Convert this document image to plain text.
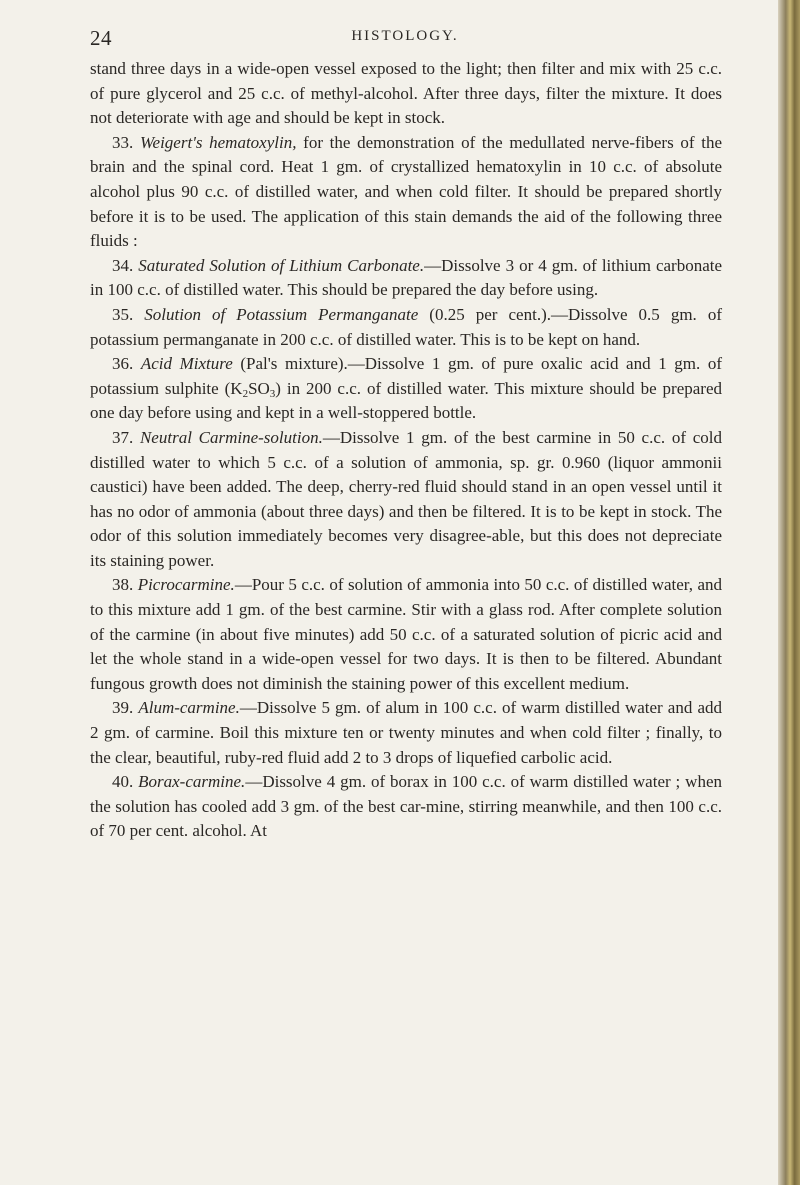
24	HISTOLOGY.

stand three days in a wide-open vessel exposed to the light; then filter and mix with 25 c.c. of pure glycerol and 25 c.c. of methyl-alcohol. After three days, filter the mixture. It does not deteriorate with age and should be kept in stock.

33. Weigert's hematoxylin, for the demonstration of the medullated nerve-fibers of the brain and the spinal cord. Heat 1 gm. of crystallized hematoxylin in 10 c.c. of absolute alcohol plus 90 c.c. of distilled water, and when cold filter. It should be prepared shortly before it is to be used. The application of this stain demands the aid of the following three fluids :

34. Saturated Solution of Lithium Carbonate.—Dissolve 3 or 4 gm. of lithium carbonate in 100 c.c. of distilled water. This should be prepared the day before using.

35. Solution of Potassium Permanganate (0.25 per cent.).—Dissolve 0.5 gm. of potassium permanganate in 200 c.c. of distilled water. This is to be kept on hand.

36. Acid Mixture (Pal's mixture).—Dissolve 1 gm. of pure oxalic acid and 1 gm. of potassium sulphite $(K_2SO_3)$ in 200 c.c. of distilled water. This mixture should be prepared one day before using and kept in a well-stoppered bottle.

37. Neutral Carmine-solution.—Dissolve 1 gm. of the best carmine in 50 c.c. of cold distilled water to which 5 c.c. of a solution of ammonia, sp. gr. 0.960 (liquor ammonii caustici) have been added. The deep, cherry-red fluid should stand in an open vessel until it has no odor of ammonia (about three days) and then be filtered. It is to be kept in stock. The odor of this solution immediately becomes very disagree-able, but this does not depreciate its staining power.

38. Picrocarmine.—Pour 5 c.c. of solution of ammonia into 50 c.c. of distilled water, and to this mixture add 1 gm. of the best carmine. Stir with a glass rod. After complete solution of the carmine (in about five minutes) add 50 c.c. of a saturated solution of picric acid and let the whole stand in a wide-open vessel for two days. It is then to be filtered. Abundant fungous growth does not diminish the staining power of this excellent medium.

39. Alum-carmine.—Dissolve 5 gm. of alum in 100 c.c. of warm distilled water and add 2 gm. of carmine. Boil this mixture ten or twenty minutes and when cold filter ; finally, to the clear, beautiful, ruby-red fluid add 2 to 3 drops of liquefied carbolic acid.

40. Borax-carmine.—Dissolve 4 gm. of borax in 100 c.c. of warm distilled water ; when the solution has cooled add 3 gm. of the best car-mine, stirring meanwhile, and then 100 c.c. of 70 per cent. alcohol. At
